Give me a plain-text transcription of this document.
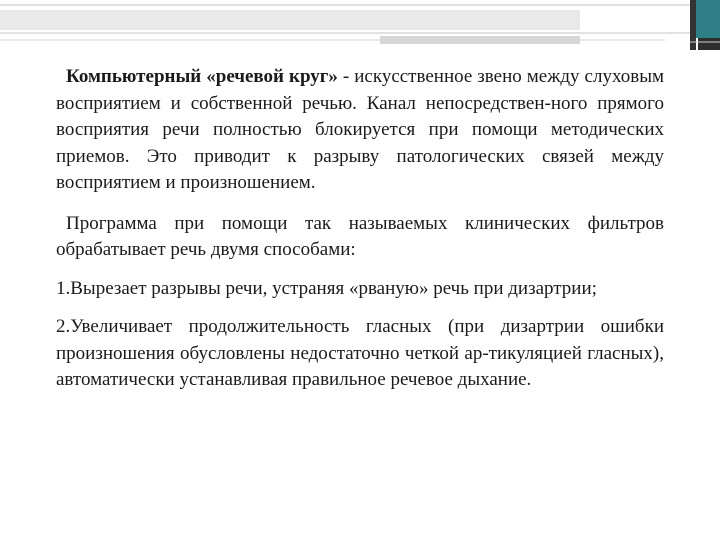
Компьютерный «речевой круг» - искусственное звено между слуховым восприятием и собственной речью. Канал непосредствен-ного прямого восприятия речи полностью блокируется при помощи методических приемов. Это приводит к разрыву патологических связей между восприятием и произношением.

Программа при помощи так называемых клинических фильтров обрабатывает речь двумя способами:

1.Вырезает разрывы речи, устраняя «рваную» речь при дизартрии;

2.Увеличивает продолжительность гласных (при дизартрии ошибки произношения обусловлены недостаточно четкой ар-тикуляцией гласных), автоматически устанавливая правильное речевое дыхание.
